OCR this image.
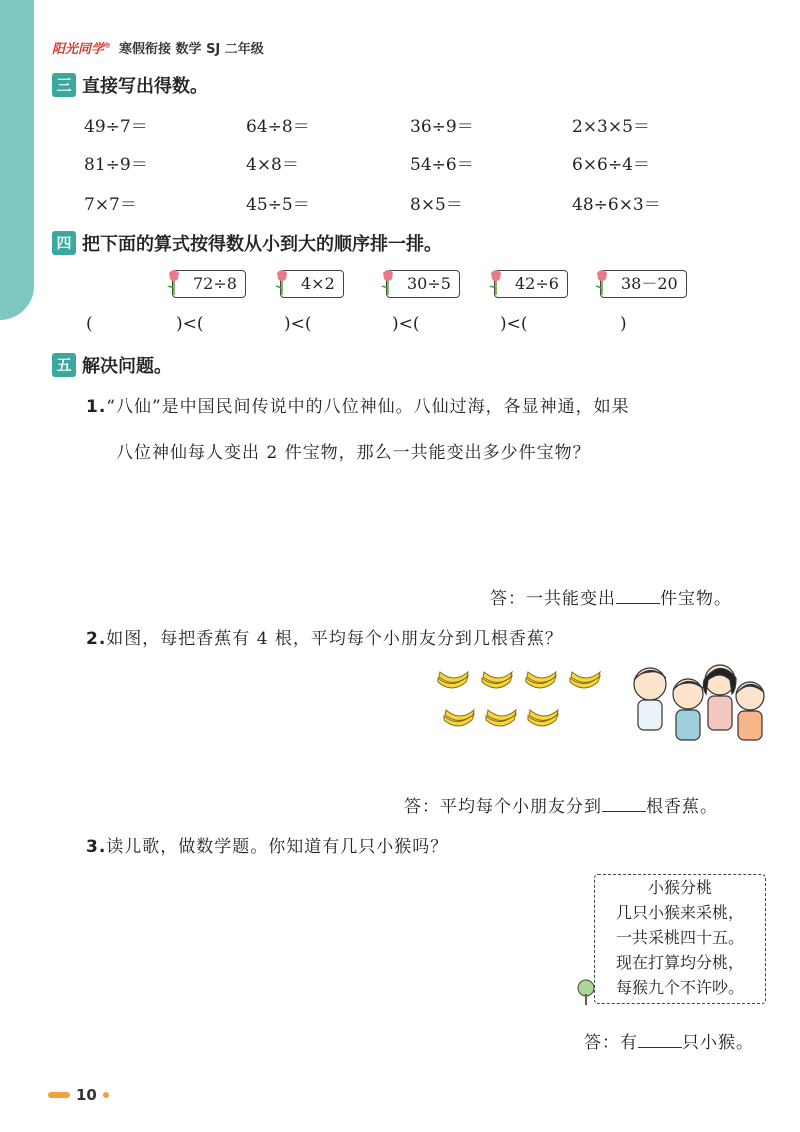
阳光同学® 寒假衔接 数学 SJ 二年级
三 直接写出得数。
49÷7＝	64÷8＝	36÷9＝	2×3×5＝
81÷9＝	4×8＝	54÷6＝	6×6÷4＝
7×7＝	45÷5＝	8×5＝	48÷6×3＝
四 把下面的算式按得数从小到大的顺序排一排。
72÷8	4×2	30÷5	42÷6	38－20
(	)<(	)<(	)<(	)<(	)
五 解决问题。
1.“八仙”是中国民间传说中的八位神仙。八仙过海，各显神通，如果
八位神仙每人变出 2 件宝物，那么一共能变出多少件宝物？
答：一共能变出	件宝物。
2.如图，每把香蕉有 4 根，平均每个小朋友分到几根香蕉？
答：平均每个小朋友分到	根香蕉。
3.读儿歌，做数学题。你知道有几只小猴吗？
小猴分桃
几只小猴来采桃，
一共采桃四十五。
现在打算均分桃，
每猴九个不许吵。
答：有	只小猴。
10
